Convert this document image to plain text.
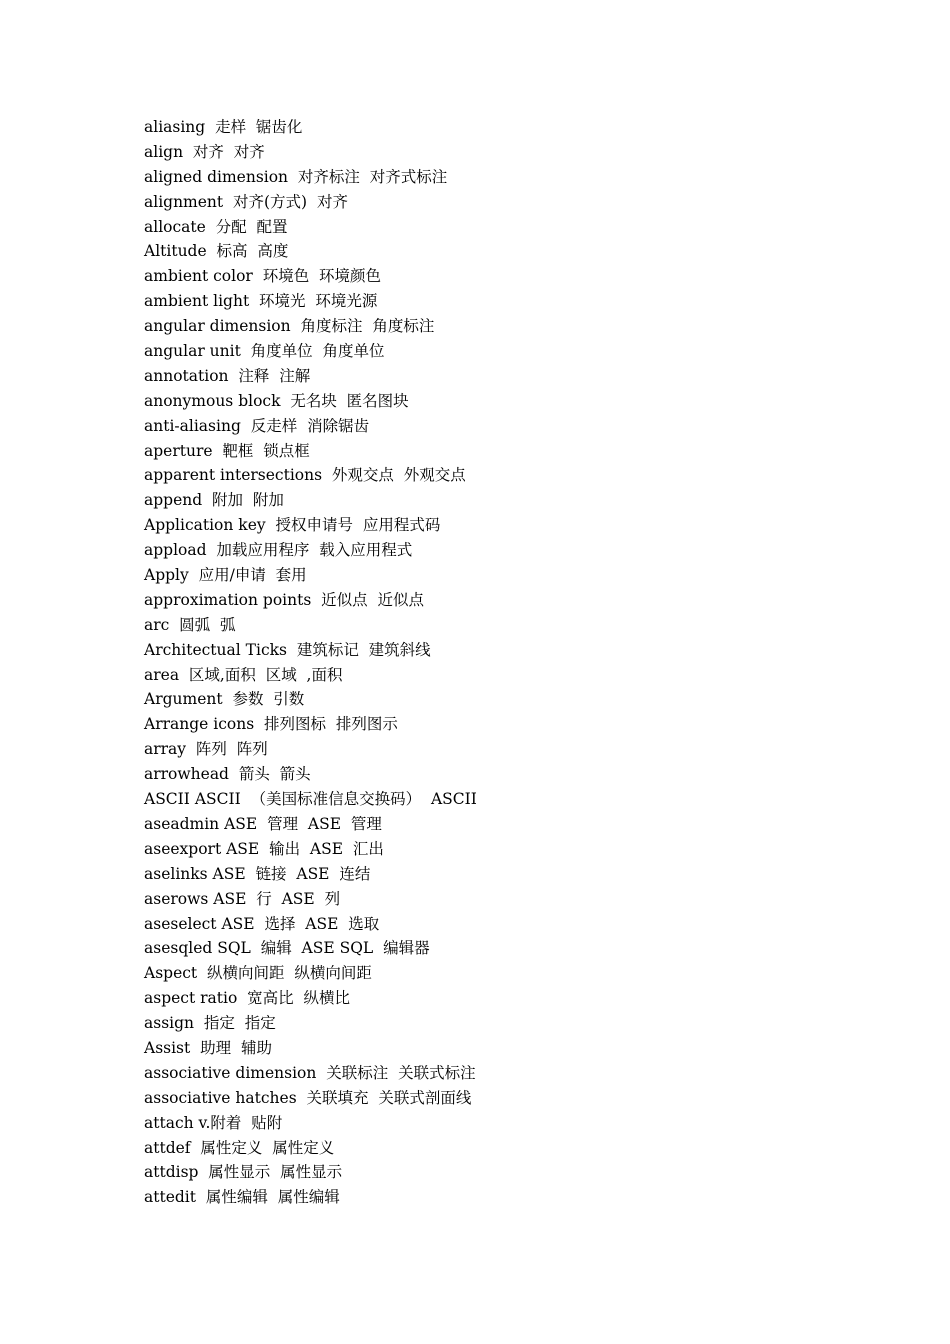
aliasing  走样  锯齿化
align  对齐  对齐
aligned dimension  对齐标注  对齐式标注
alignment  对齐(方式)  对齐
allocate  分配  配置
Altitude  标高  高度
ambient color  环境色  环境颜色
ambient light  环境光  环境光源
angular dimension  角度标注  角度标注
angular unit  角度单位  角度单位
annotation  注释  注解
anonymous block  无名块  匿名图块
anti-aliasing  反走样  消除锯齿
aperture  靶框  锁点框
apparent intersections  外观交点  外观交点
append  附加  附加
Application key  授权申请号  应用程式码
appload  加载应用程序  载入应用程式
Apply  应用/申请  套用
approximation points  近似点  近似点
arc  圆弧  弧
Architectual Ticks  建筑标记  建筑斜线
area  区域,面积  区域  ,面积
Argument  参数  引数
Arrange icons  排列图标  排列图示
array  阵列  阵列
arrowhead  箭头  箭头
ASCII ASCII  （美国标准信息交换码）  ASCII
aseadmin ASE  管理  ASE  管理
aseexport ASE  输出  ASE  汇出
aselinks ASE  链接  ASE  连结
aserows ASE  行  ASE  列
aseselect ASE  选择  ASE  选取
asesqled SQL  编辑  ASE SQL  编辑器
Aspect  纵横向间距  纵横向间距
aspect ratio  宽高比  纵横比
assign  指定  指定
Assist  助理  辅助
associative dimension  关联标注  关联式标注
associative hatches  关联填充  关联式剖面线
attach v.附着  贴附
attdef  属性定义  属性定义
attdisp  属性显示  属性显示
attedit  属性编辑  属性编辑
